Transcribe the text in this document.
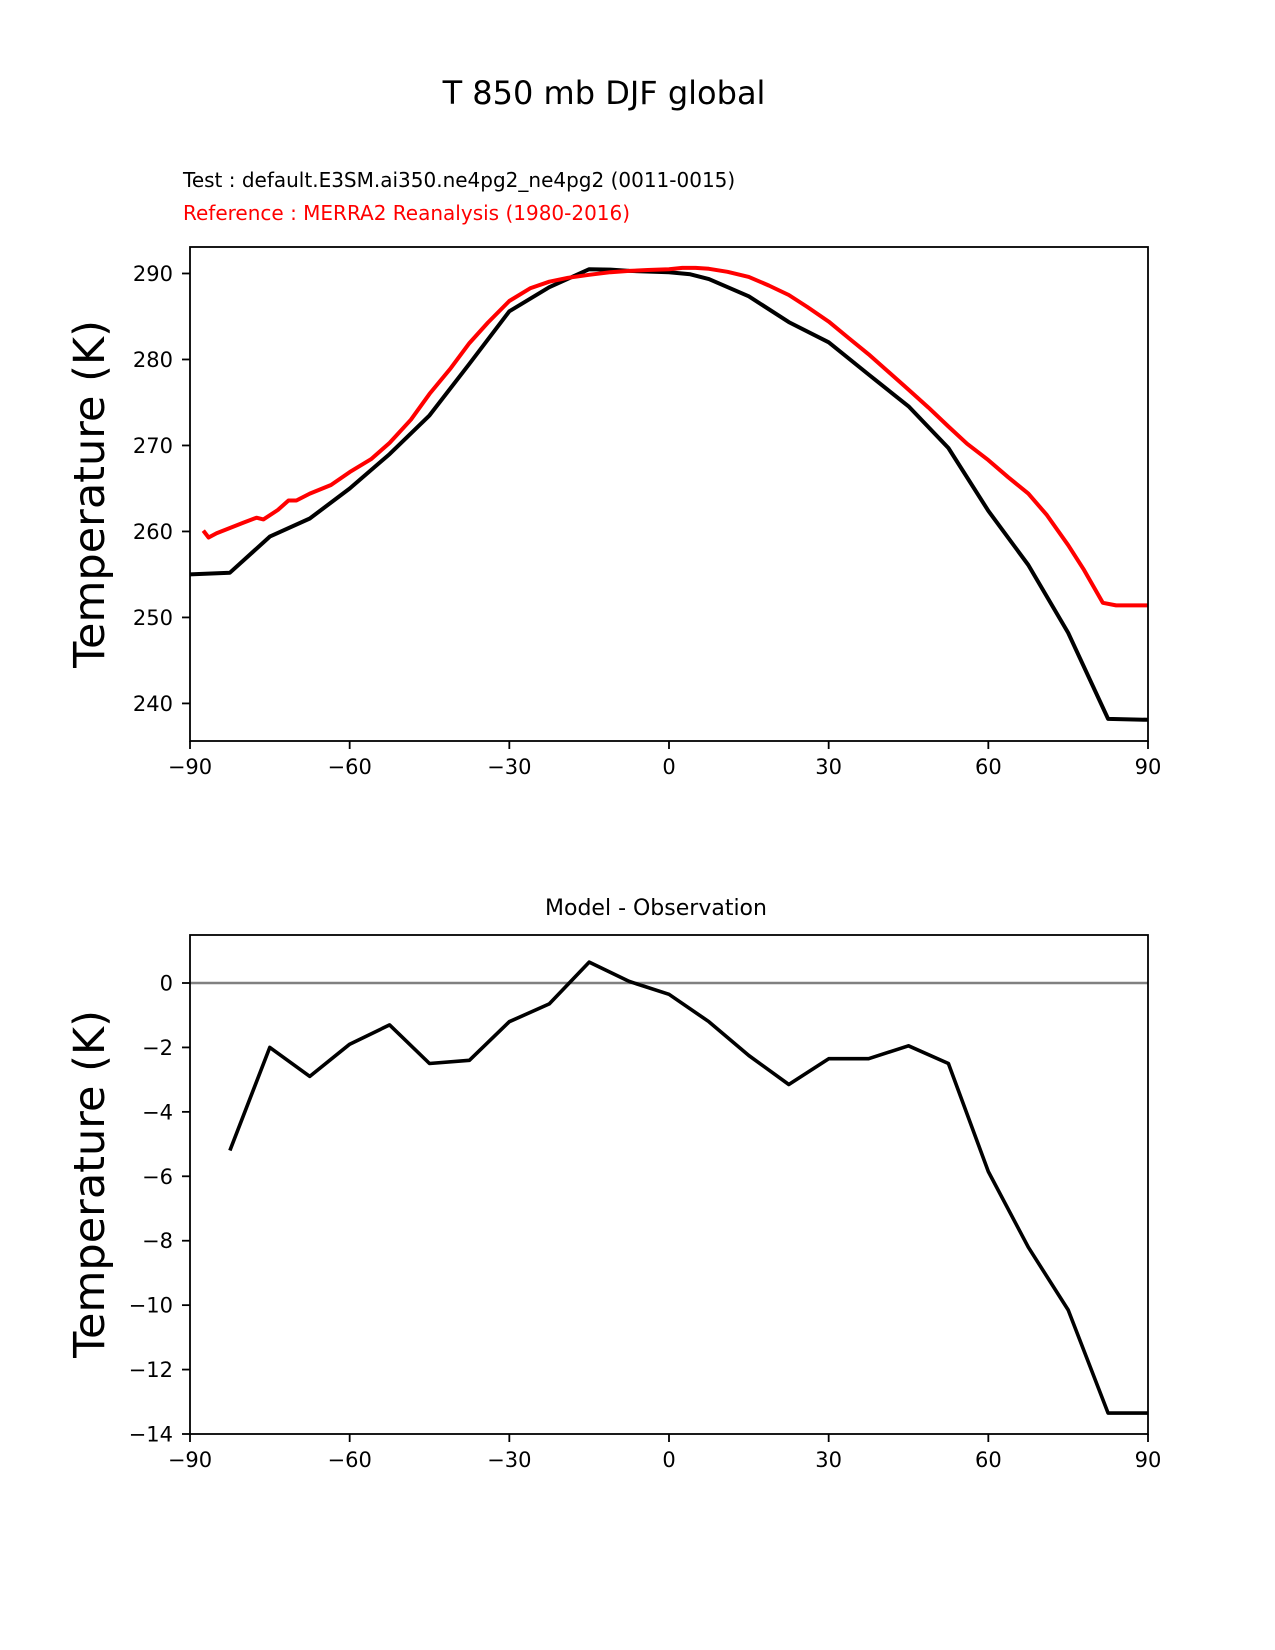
−90	−60	−30	0	30	60	90
240
250
260
270
280
290
−90	−60	−30	0	30	60	90
0
−2
−4
−6
−8
−10
−12
−14
T 850 mb DJF global
Test : default.E3SM.ai350.ne4pg2_ne4pg2 (0011-0015)
Reference : MERRA2 Reanalysis (1980-2016)
Temperature (K)
Temperature (K)
Model - Observation
